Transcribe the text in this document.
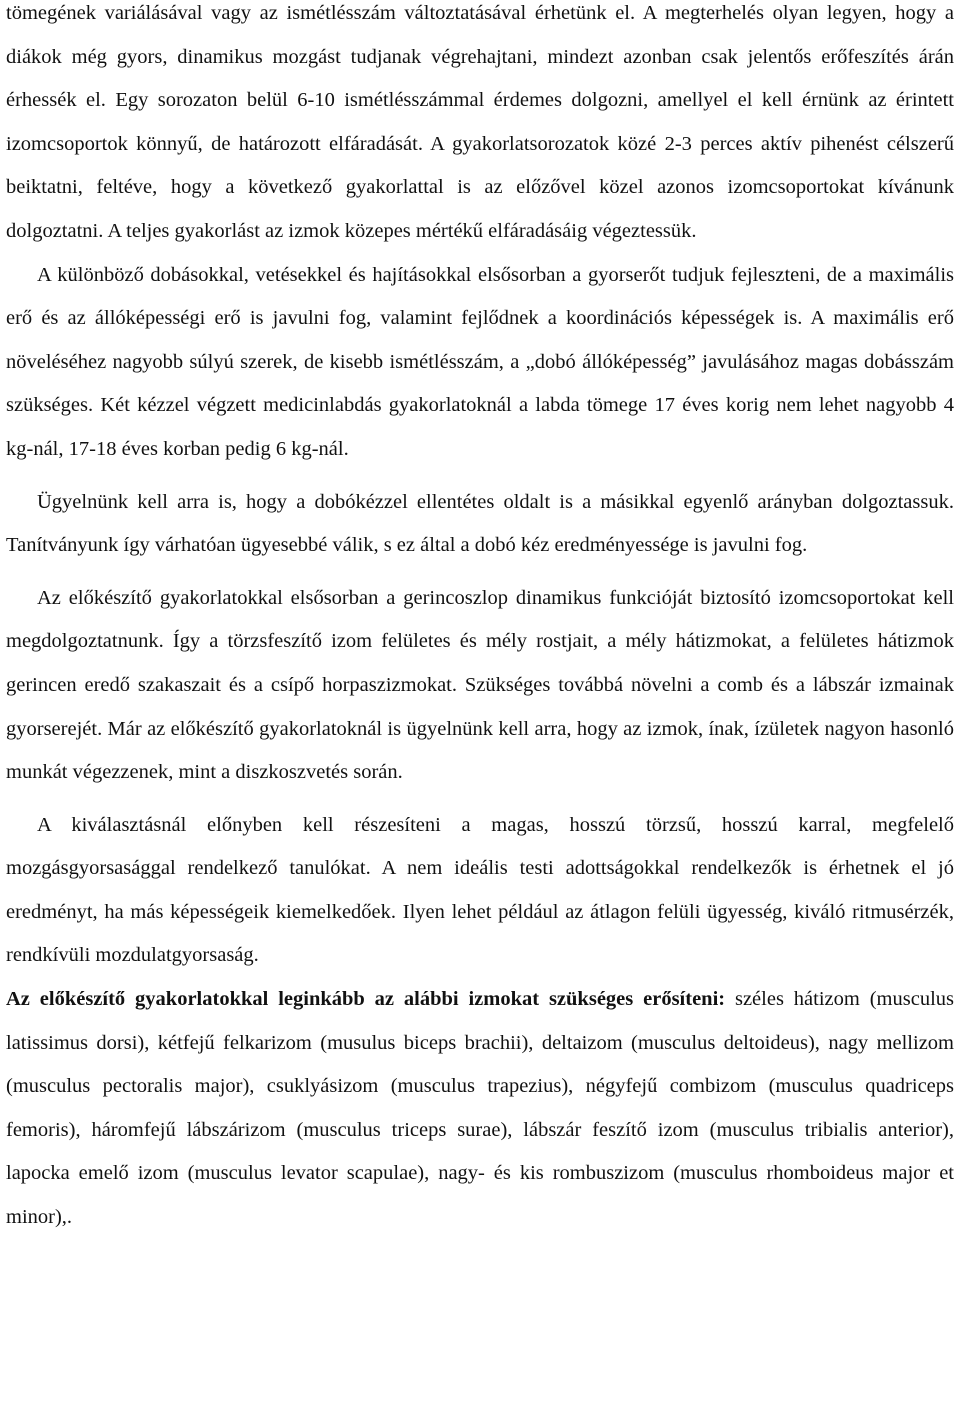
tömegének variálásával vagy az ismétlésszám változtatásával érhetünk el. A megterhelés olyan legyen, hogy a diákok még gyors, dinamikus mozgást tudjanak végrehajtani, mindezt azonban csak jelentős erőfeszítés árán érhessék el. Egy sorozaton belül 6-10 ismétlésszámmal érdemes dolgozni, amellyel el kell érnünk az érintett izomcsoportok könnyű, de határozott elfáradását. A gyakorlatsorozatok közé 2-3 perces aktív pihenést célszerű beiktatni, feltéve, hogy a következő gyakorlattal is az előzővel közel azonos izomcsoportokat kívánunk dolgoztatni. A teljes gyakorlást az izmok közepes mértékű elfáradásáig végeztessük.

A különböző dobásokkal, vetésekkel és hajításokkal elsősorban a gyorserőt tudjuk fejleszteni, de a maximális erő és az állóképességi erő is javulni fog, valamint fejlődnek a koordinációs képességek is. A maximális erő növeléséhez nagyobb súlyú szerek, de kisebb ismétlésszám, a „dobó állóképesség” javulásához magas dobásszám szükséges. Két kézzel végzett medicinlabdás gyakorlatoknál a labda tömege 17 éves korig nem lehet nagyobb 4 kg-nál, 17-18 éves korban pedig 6 kg-nál.

Ügyelnünk kell arra is, hogy a dobókézzel ellentétes oldalt is a másikkal egyenlő arányban dolgoztassuk. Tanítványunk így várhatóan ügyesebbé válik, s ez által a dobó kéz eredményessége is javulni fog.

Az előkészítő gyakorlatokkal elsősorban a gerincoszlop dinamikus funkcióját biztosító izomcsoportokat kell megdolgoztatnunk. Így a törzsfeszítő izom felületes és mély rostjait, a mély hátizmokat, a felületes hátizmok gerincen eredő szakaszait és a csípő horpaszizmokat. Szükséges továbbá növelni a comb és a lábszár izmainak gyorserejét. Már az előkészítő gyakorlatoknál is ügyelnünk kell arra, hogy az izmok, ínak, ízületek nagyon hasonló munkát végezzenek, mint a diszkoszvetés során.

A kiválasztásnál előnyben kell részesíteni a magas, hosszú törzsű, hosszú karral, megfelelő mozgásgyorsasággal rendelkező tanulókat. A nem ideális testi adottságokkal rendelkezők is érhetnek el jó eredményt, ha más képességeik kiemelkedőek. Ilyen lehet például az átlagon felüli ügyesség, kiváló ritmusérzék, rendkívüli mozdulatgyorsaság.

Az előkészítő gyakorlatokkal leginkább az alábbi izmokat szükséges erősíteni: széles hátizom (musculus latissimus dorsi), kétfejű felkarizom (musulus biceps brachii), deltaizom (musculus deltoideus), nagy mellizom (musculus pectoralis major), csuklyásizom (musculus trapezius), négyfejű combizom (musculus quadriceps femoris), háromfejű lábszárizom (musculus triceps surae), lábszár feszítő izom (musculus tribialis anterior), lapocka emelő izom (musculus levator scapulae), nagy- és kis rombuszizom (musculus rhomboideus major et minor),.
